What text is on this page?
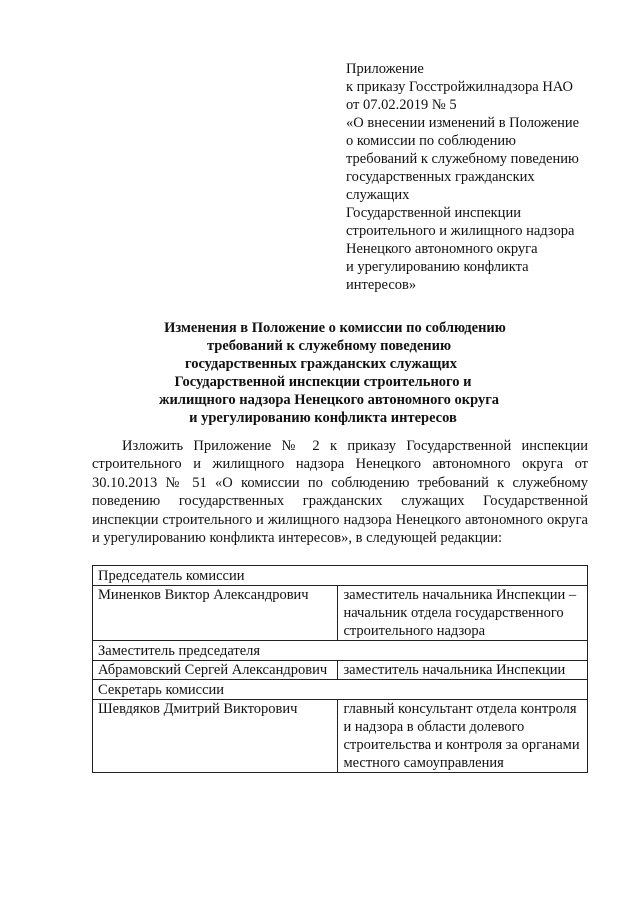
Приложение
к приказу Госстройжилнадзора НАО
от 07.02.2019 № 5
«О внесении изменений в Положение
о комиссии по соблюдению
требований к служебному поведению
государственных гражданских
служащих
Государственной инспекции
строительного и жилищного надзора
Ненецкого автономного округа
и урегулированию конфликта
интересов»
Изменения в Положение о комиссии по соблюдению
требований к служебному поведению
государственных гражданских служащих
Государственной инспекции строительного и
жилищного надзора Ненецкого автономного округа
и урегулированию конфликта интересов

Изложить Приложение № 2 к приказу Государственной инспекции строительного и жилищного надзора Ненецкого автономного округа от 30.10.2013 № 51 «О комиссии по соблюдению требований к служебному поведению государственных гражданских служащих Государственной инспекции строительного и жилищного надзора Ненецкого автономного округа и урегулированию конфликта интересов», в следующей редакции:

Председатель комиссии	
Миненков Виктор Александрович	заместитель начальника Инспекции – начальник отдела государственного строительного надзора
Заместитель председателя	
Абрамовский Сергей Александрович	заместитель начальника Инспекции
Секретарь комиссии	
Шевдяков Дмитрий Викторович	главный консультант отдела контроля и надзора в области долевого строительства и контроля за органами местного самоуправления
